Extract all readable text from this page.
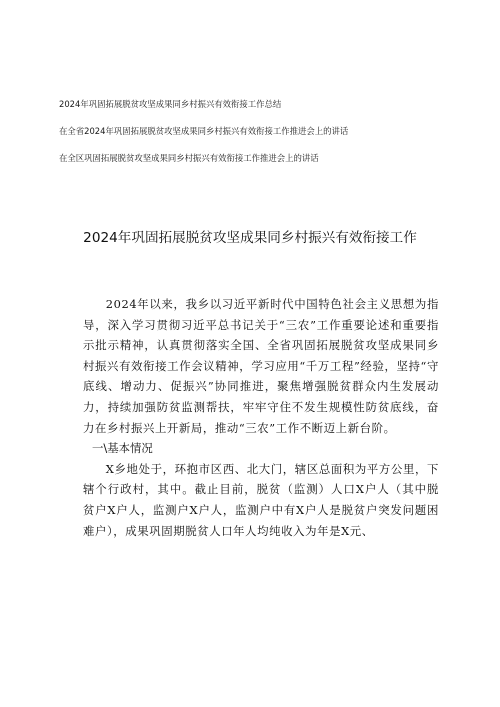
2024年巩固拓展脱贫攻坚成果同乡村振兴有效衔接工作总结
在全省2024年巩固拓展脱贫攻坚成果同乡村振兴有效衔接工作推进会上的讲话
在全区巩固拓展脱贫攻坚成果同乡村振兴有效衔接工作推进会上的讲话
2024年巩固拓展脱贫攻坚成果同乡村振兴有效衔接工作

2024年以来，我乡以习近平新时代中国特色社会主义思想为指导，深入学习贯彻习近平总书记关于“三农”工作重要论述和重要指示批示精神，认真贯彻落实全国、全省巩固拓展脱贫攻坚成果同乡村振兴有效衔接工作会议精神，学习应用“千万工程”经验，坚持“守底线、增动力、促振兴”协同推进，聚焦增强脱贫群众内生发展动力，持续加强防贫监测帮扶，牢牢守住不发生规模性防贫底线，奋力在乡村振兴上开新局，推动“三农”工作不断迈上新台阶。

一\基本情况

X乡地处于，环抱市区西、北大门，辖区总面积为平方公里，下辖个行政村，其中。截止目前，脱贫（监测）人口X户人（其中脱贫户X户人，监测户X户人，监测户中有X户人是脱贫户突发问题困难户），成果巩固期脱贫人口年人均纯收入为年是X元、
